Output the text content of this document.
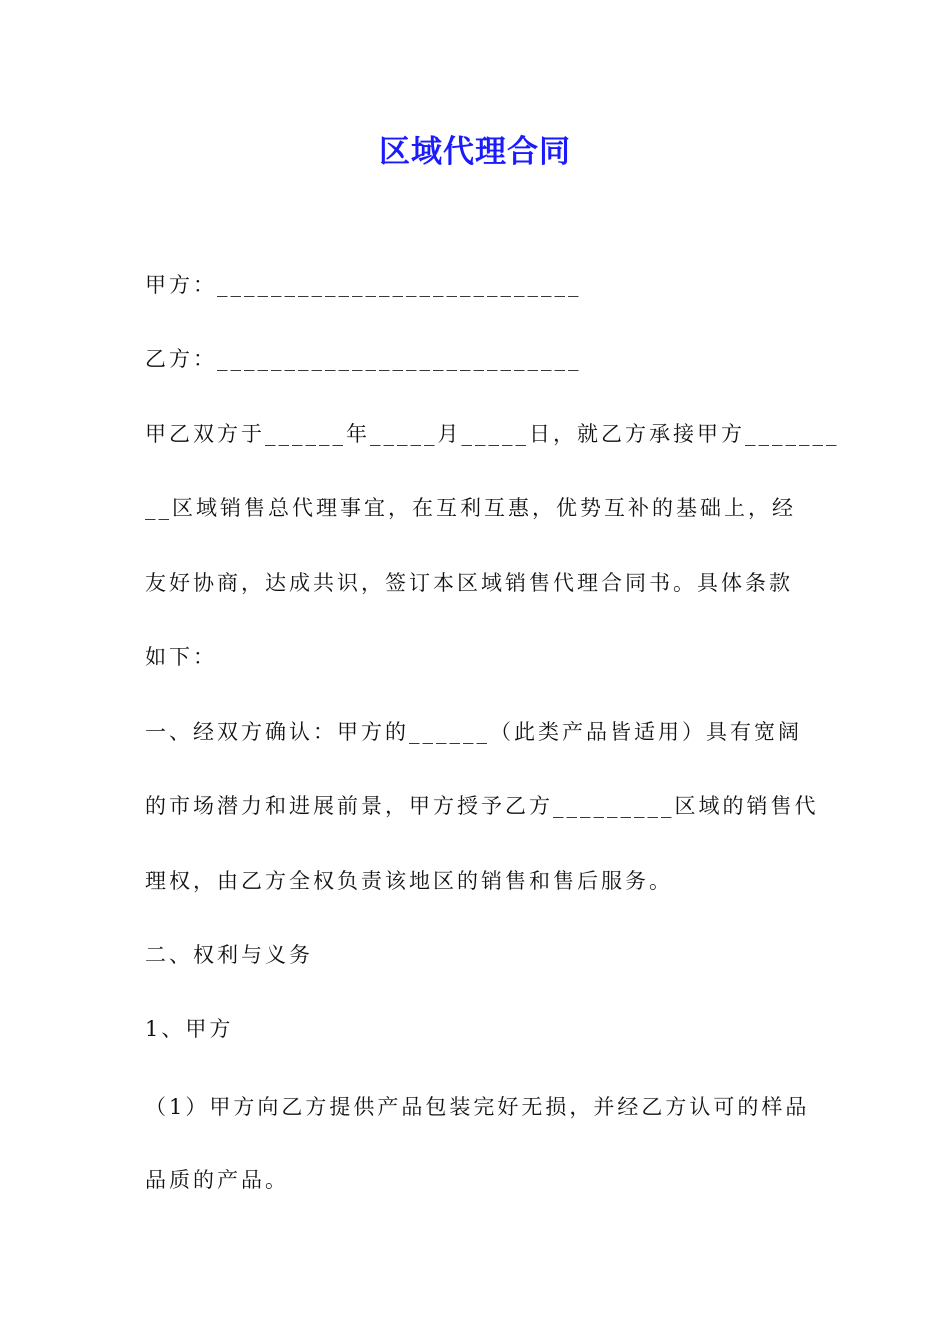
区域代理合同
甲方：___________________________
乙方：___________________________
甲乙双方于______年_____月_____日，就乙方承接甲方_______
__区域销售总代理事宜，在互利互惠，优势互补的基础上，经
友好协商，达成共识，签订本区域销售代理合同书。具体条款
如下：
一、经双方确认：甲方的______（此类产品皆适用）具有宽阔
的市场潜力和进展前景，甲方授予乙方_________区域的销售代
理权，由乙方全权负责该地区的销售和售后服务。
二、权利与义务
1、甲方
（1）甲方向乙方提供产品包装完好无损，并经乙方认可的样品
品质的产品。
